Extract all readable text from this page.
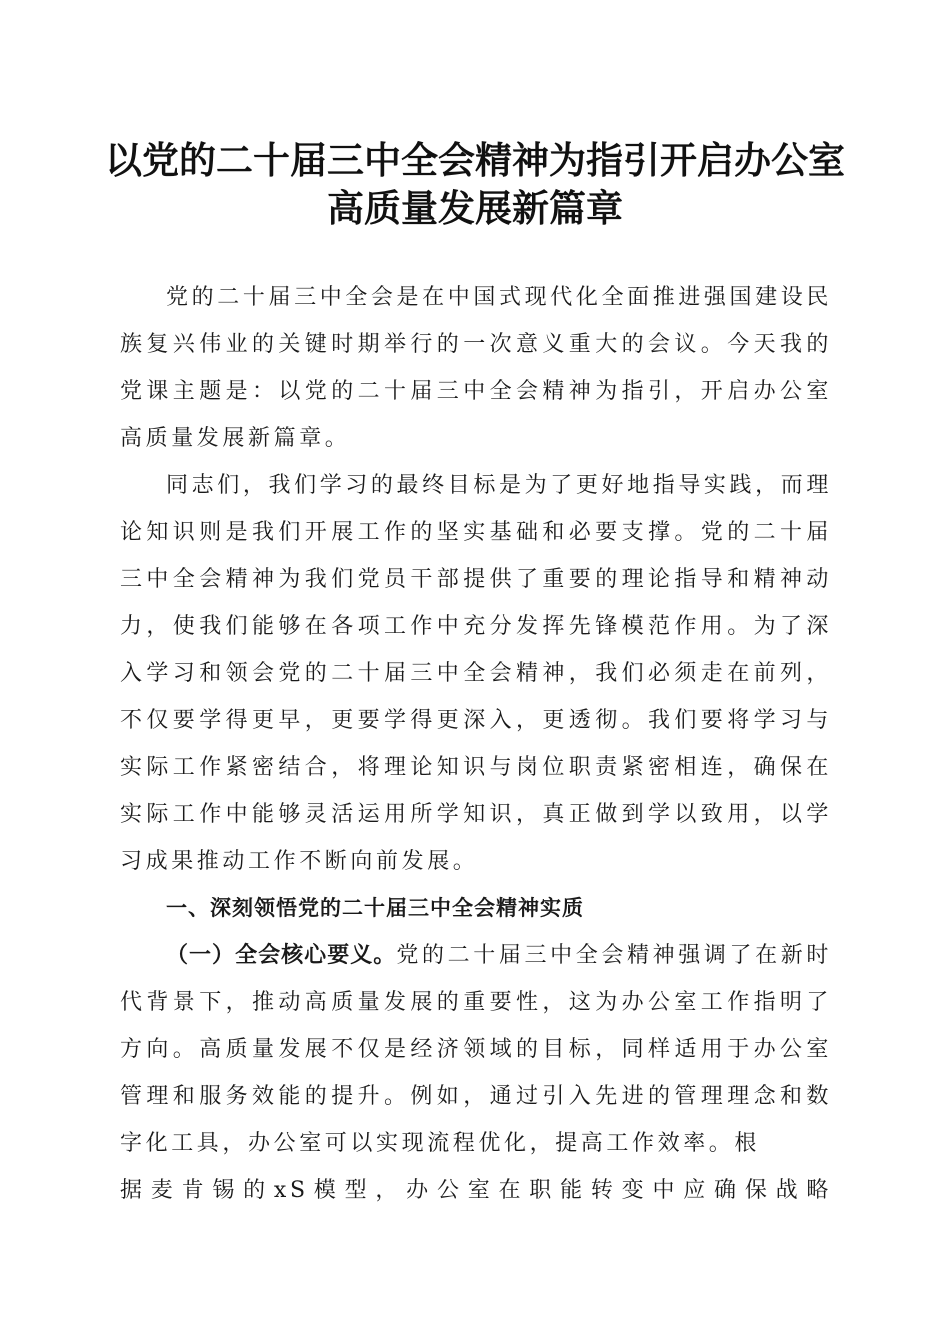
以党的二十届三中全会精神为指引开启办公室
高质量发展新篇章

党的二十届三中全会是在中国式现代化全面推进强国建设民族复兴伟业的关键时期举行的一次意义重大的会议。今天我的党课主题是：以党的二十届三中全会精神为指引，开启办公室高质量发展新篇章。

同志们，我们学习的最终目标是为了更好地指导实践，而理论知识则是我们开展工作的坚实基础和必要支撑。党的二十届三中全会精神为我们党员干部提供了重要的理论指导和精神动力，使我们能够在各项工作中充分发挥先锋模范作用。为了深入学习和领会党的二十届三中全会精神，我们必须走在前列，不仅要学得更早，更要学得更深入，更透彻。我们要将学习与实际工作紧密结合，将理论知识与岗位职责紧密相连，确保在实际工作中能够灵活运用所学知识，真正做到学以致用，以学习成果推动工作不断向前发展。

一、深刻领悟党的二十届三中全会精神实质

（一）全会核心要义。党的二十届三中全会精神强调了在新时代背景下，推动高质量发展的重要性，这为办公室工作指明了方向。高质量发展不仅是经济领域的目标，同样适用于办公室管理和服务效能的提升。例如，通过引入先进的管理理念和数字化工具，办公室可以实现流程优化，提高工作效率。根

据麦肯锡的xS模型，办公室在职能转变中应确保战略
